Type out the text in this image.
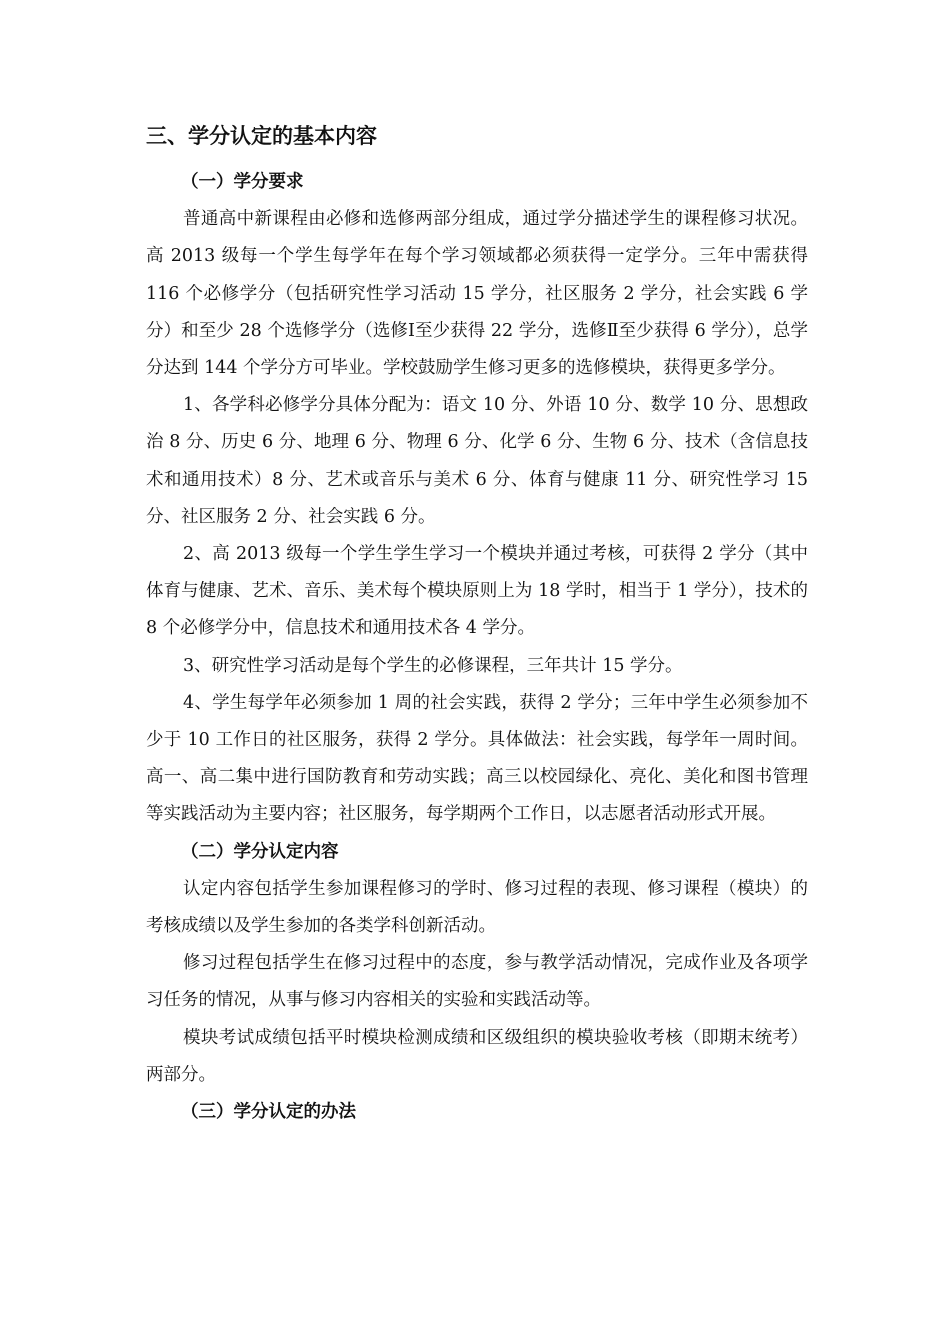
三、学分认定的基本内容
（一）学分要求

普通高中新课程由必修和选修两部分组成，通过学分描述学生的课程修习状况。高 2013 级每一个学生每学年在每个学习领域都必须获得一定学分。三年中需获得 116 个必修学分（包括研究性学习活动 15 学分，社区服务 2 学分，社会实践 6 学分）和至少 28 个选修学分（选修Ⅰ至少获得 22 学分，选修Ⅱ至少获得 6 学分），总学分达到 144 个学分方可毕业。学校鼓励学生修习更多的选修模块，获得更多学分。

1、各学科必修学分具体分配为：语文 10 分、外语 10 分、数学 10 分、思想政治 8 分、历史 6 分、地理 6 分、物理 6 分、化学 6 分、生物 6 分、技术（含信息技术和通用技术）8 分、艺术或音乐与美术 6 分、体育与健康 11 分、研究性学习 15 分、社区服务 2 分、社会实践 6 分。

2、高 2013 级每一个学生学生学习一个模块并通过考核，可获得 2 学分（其中体育与健康、艺术、音乐、美术每个模块原则上为 18 学时，相当于 1 学分），技术的 8 个必修学分中，信息技术和通用技术各 4 学分。

3、研究性学习活动是每个学生的必修课程，三年共计 15 学分。

4、学生每学年必须参加 1 周的社会实践，获得 2 学分；三年中学生必须参加不少于 10 工作日的社区服务，获得 2 学分。具体做法：社会实践，每学年一周时间。高一、高二集中进行国防教育和劳动实践；高三以校园绿化、亮化、美化和图书管理等实践活动为主要内容；社区服务，每学期两个工作日，以志愿者活动形式开展。

（二）学分认定内容

认定内容包括学生参加课程修习的学时、修习过程的表现、修习课程（模块）的考核成绩以及学生参加的各类学科创新活动。

修习过程包括学生在修习过程中的态度，参与教学活动情况，完成作业及各项学习任务的情况，从事与修习内容相关的实验和实践活动等。

模块考试成绩包括平时模块检测成绩和区级组织的模块验收考核（即期末统考）两部分。

（三）学分认定的办法
